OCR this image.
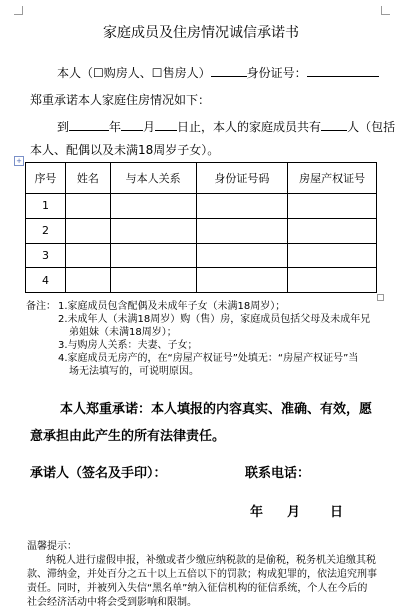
家庭成员及住房情况诚信承诺书
本人（☐购房人、☐售房人）	身份证号：
郑重承诺本人家庭住房情况如下：
到	年 月 日止，本人的家庭成员共有 人（包括
本人、配偶以及未满18周岁子女）。
+
序号	姓名	与本人关系	身份证号码	房屋产权证号
1				
2				
3				
4				
备注： 1.家庭成员包含配偶及未成年子女（未满18周岁）；
2.未成年人（未满18周岁）购（售）房，家庭成员包括父母及未成年兄
弟姐妹（未满18周岁）；
3.与购房人关系：夫妻、子女；
4.家庭成员无房产的，在“房屋产权证号”处填无：“房屋产权证号”当
场无法填写的，可说明原因。
本人郑重承诺：本人填报的内容真实、准确、有效，愿
意承担由此产生的所有法律责任。
承诺人（签名及手印）：	联系电话：
年 月 日
温馨提示：
纳税人进行虚假申报，补缴或者少缴应纳税款的是偷税，税务机关追缴其税
款、滞纳金，并处百分之五十以上五倍以下的罚款；构成犯罪的，依法追究刑事
责任。同时，并被列入失信“黑名单”纳入征信机构的征信系统，个人在今后的
社会经济活动中将会受到影响和限制。
